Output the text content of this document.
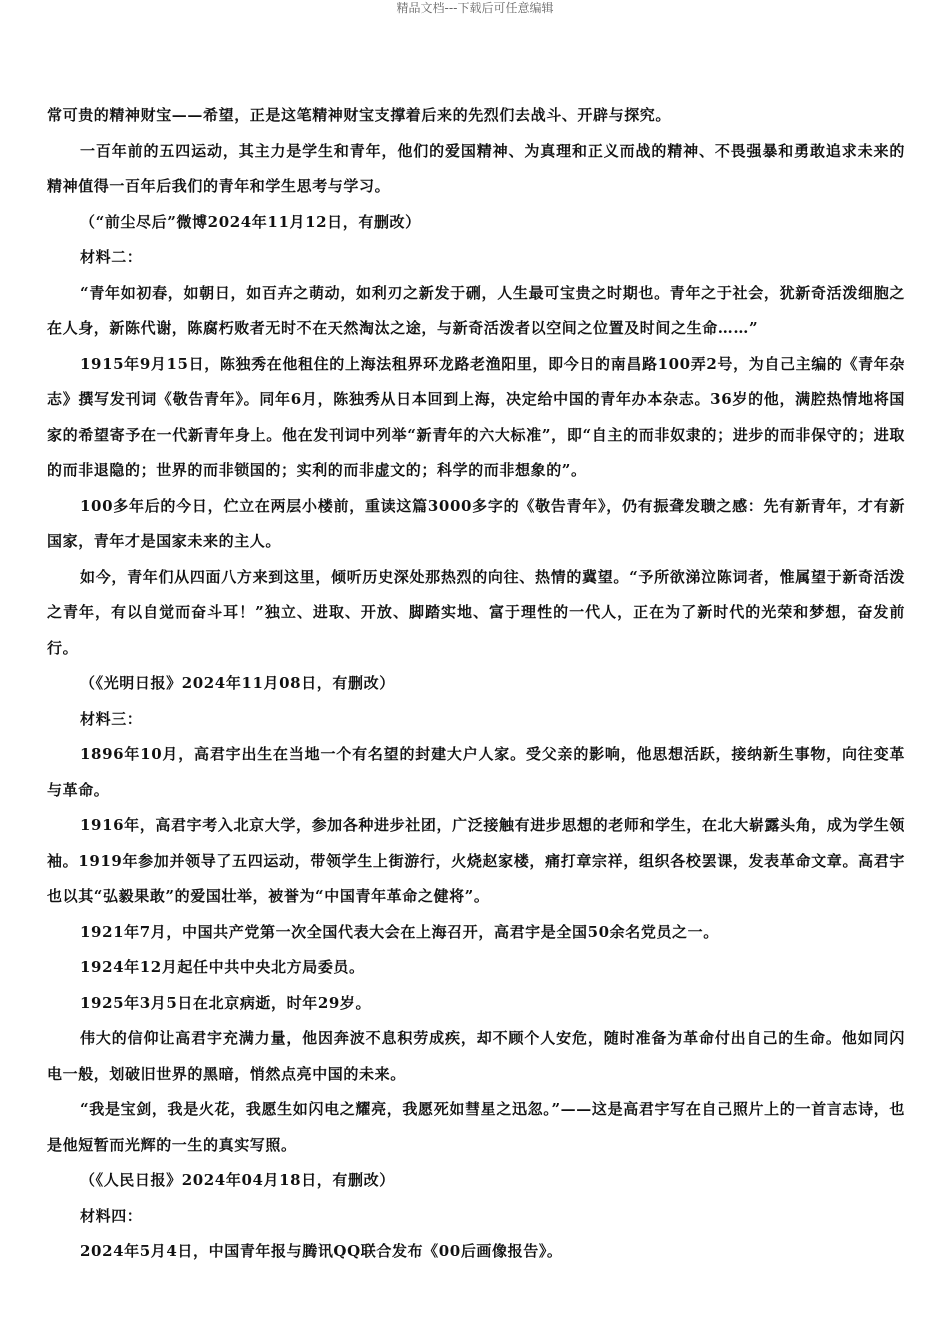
精品文档---下载后可任意编辑

常可贵的精神财宝——希望，正是这笔精神财宝支撑着后来的先烈们去战斗、开辟与探究。

一百年前的五四运动，其主力是学生和青年，他们的爱国精神、为真理和正义而战的精神、不畏强暴和勇敢追求未来的精神值得一百年后我们的青年和学生思考与学习。

（“前尘尽后”微博2024年11月12日，有删改）

材料二：

“青年如初春，如朝日，如百卉之萌动，如利刃之新发于硎，人生最可宝贵之时期也。青年之于社会，犹新奇活泼细胞之在人身，新陈代谢，陈腐朽败者无时不在天然淘汰之途，与新奇活泼者以空间之位置及时间之生命……”

1915年9月15日，陈独秀在他租住的上海法租界环龙路老渔阳里，即今日的南昌路100弄2号，为自己主编的《青年杂志》撰写发刊词《敬告青年》。同年6月，陈独秀从日本回到上海，决定给中国的青年办本杂志。36岁的他，满腔热情地将国家的希望寄予在一代新青年身上。他在发刊词中列举“新青年的六大标准”，即“自主的而非奴隶的；进步的而非保守的；进取的而非退隐的；世界的而非锁国的；实利的而非虚文的；科学的而非想象的”。

100多年后的今日，伫立在两层小楼前，重读这篇3000多字的《敬告青年》，仍有振聋发聩之感：先有新青年，才有新国家，青年才是国家未来的主人。

如今，青年们从四面八方来到这里，倾听历史深处那热烈的向往、热情的冀望。“予所欲涕泣陈词者，惟属望于新奇活泼之青年，有以自觉而奋斗耳！”独立、进取、开放、脚踏实地、富于理性的一代人，正在为了新时代的光荣和梦想，奋发前行。

（《光明日报》2024年11月08日，有删改）

材料三：

1896年10月，高君宇出生在当地一个有名望的封建大户人家。受父亲的影响，他思想活跃，接纳新生事物，向往变革与革命。

1916年，高君宇考入北京大学，参加各种进步社团，广泛接触有进步思想的老师和学生，在北大崭露头角，成为学生领袖。1919年参加并领导了五四运动，带领学生上街游行，火烧赵家楼，痛打章宗祥，组织各校罢课，发表革命文章。高君宇也以其“弘毅果敢”的爱国壮举，被誉为“中国青年革命之健将”。

1921年7月，中国共产党第一次全国代表大会在上海召开，高君宇是全国50余名党员之一。

1924年12月起任中共中央北方局委员。

1925年3月5日在北京病逝，时年29岁。

伟大的信仰让高君宇充满力量，他因奔波不息积劳成疾，却不顾个人安危，随时准备为革命付出自己的生命。他如同闪电一般，划破旧世界的黑暗，悄然点亮中国的未来。

“我是宝剑，我是火花，我愿生如闪电之耀亮，我愿死如彗星之迅忽。”——这是高君宇写在自己照片上的一首言志诗，也是他短暂而光辉的一生的真实写照。

（《人民日报》2024年04月18日，有删改）

材料四：

2024年5月4日，中国青年报与腾讯QQ联合发布《00后画像报告》。
